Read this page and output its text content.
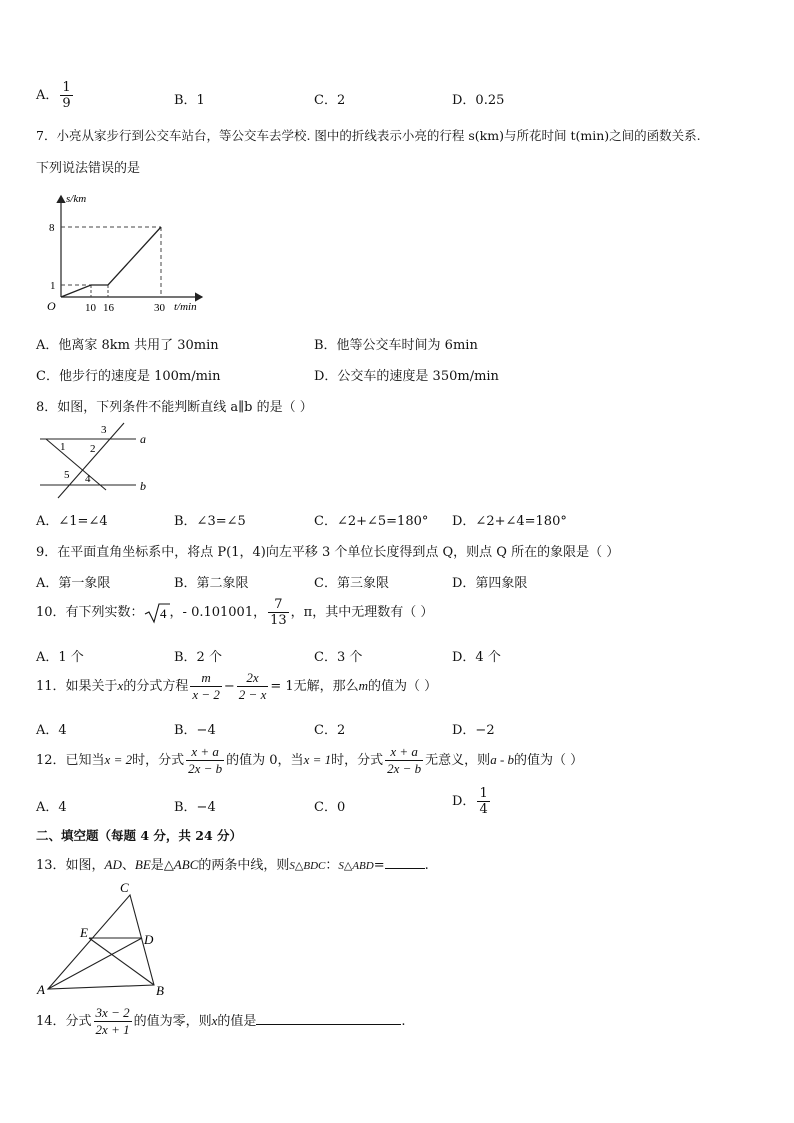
A． $\frac{1}{9}$	B．1	C．2	D．0.25
7．小亮从家步行到公交车站台，等公交车去学校. 图中的折线表示小亮的行程 s(km)与所花时间 t(min)之间的函数关系.
下列说法错误的是
s/km
t/min
O
8
1
10 16	30
A．他离家 8km 共用了 30min	B．他等公交车时间为 6min
C．他步行的速度是 100m/min	D．公交车的速度是 350m/min
8．如图，下列条件不能判断直线 a∥b 的是（ ）
1 2
3
4
5
a
b
A．∠1=∠4	B．∠3=∠5	C．∠2+∠5=180° D．∠2+∠4=180°
9．在平面直角坐标系中，将点 P(1，4)向左平移 3 个单位长度得到点 Q，则点 Q 所在的象限是（ ）
A．第一象限	B．第二象限	C．第三象限	D．第四象限
10．有下列实数： 4 ，- 0.101001， $\frac{7}{13}$ ，π，其中无理数有（ ）
A．1 个	B．2 个	C．3 个	D．4 个
11．如果关于x的分式方程 $\frac{m}{x - 2} - \frac{2x}{2 - x} = 1$无解，那么m的值为（ ）
A．4	B．−4	C．2	D．−2
12．已知当x = 2时，分式 $\frac{x + a}{2x - b}$ 的值为 0，当x = 1时，分式 $\frac{x + a}{2x - b}$ 无意义，则a - b的值为（ ）
A．4	B．−4	C．0	D． $\frac{1}{4}$
二、填空题（每题 4 分，共 24 分）
13．如图，AD、BE是△ABC的两条中线，则S△BDC：S△ABD=	.
A	B
C
D
E
14．分式 $\frac{3x - 2}{2x + 1}$ 的值为零，则x的值是	.
